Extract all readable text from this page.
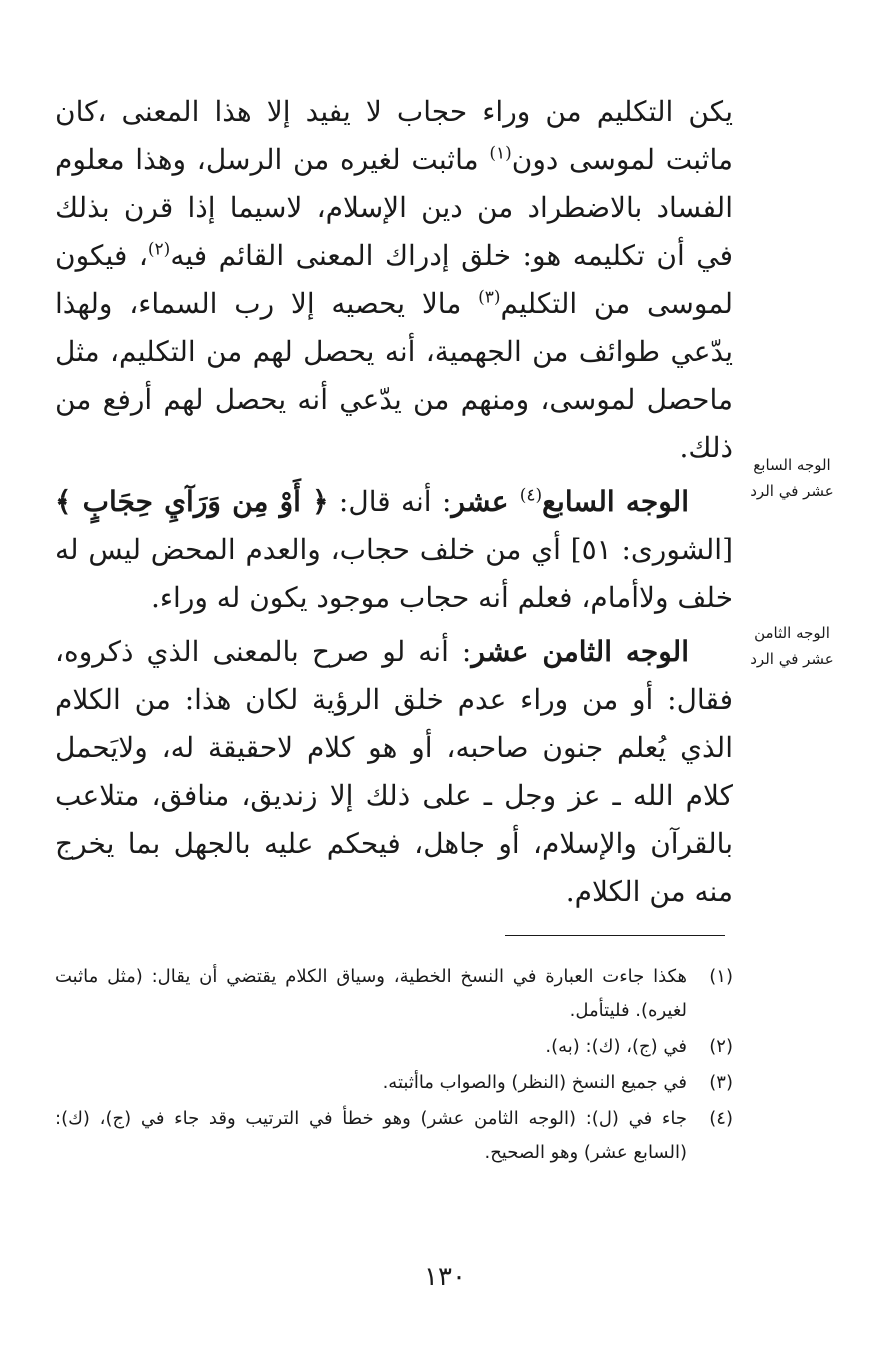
يكن التكليم من وراء حجاب لا يفيد إلا هذا المعنى ،كان ماثبت لموسى دون$^{(١)}$ ماثبت لغيره من الرسل، وهذا معلوم الفساد بالاضطراد من دين الإسلام، لاسيما إذا قرن بذلك في أن تكليمه هو: خلق إدراك المعنى القائم فيه$^{(٢)}$، فيكون لموسى من التكليم$^{(٣)}$ مالا يحصيه إلا رب السماء، ولهذا يدّعي طوائف من الجهمية، أنه يحصل لهم من التكليم، مثل ماحصل لموسى، ومنهم من يدّعي أنه يحصل لهم أرفع من ذلك.

الوجه السابع$^{(٤)}$ عشر: أنه قال: ﴿ أَوْ مِن وَرَآيِ حِجَابٍ ﴾ [الشورى: ٥١] أي من خلف حجاب، والعدم المحض ليس له خلف ولاأمام، فعلم أنه حجاب موجود يكون له وراء.

الوجه الثامن عشر: أنه لو صرح بالمعنى الذي ذكروه، فقال: أو من وراء عدم خلق الرؤية لكان هذا: من الكلام الذي يُعلم جنون صاحبه، أو هو كلام لاحقيقة له، ولايَحمل كلام الله ـ عز وجل ـ على ذلك إلا زنديق، منافق، متلاعب بالقرآن والإسلام، أو جاهل، فيحكم عليه بالجهل بما يخرج منه من الكلام.

الوجه السابع
عشر في الرد
الوجه الثامن
عشر في الرد
(١)
هكذا جاءت العبارة في النسخ الخطية، وسياق الكلام يقتضي أن يقال: (مثل ماثبت لغيره). فليتأمل.
(٢)
في (ج)، (ك): (به).
(٣)
في جميع النسخ (النظر) والصواب ماأثبته.
(٤)
جاء في (ل): (الوجه الثامن عشر) وهو خطأ في الترتيب وقد جاء في (ج)، (ك): (السابع عشر) وهو الصحيح.
١٣٠
